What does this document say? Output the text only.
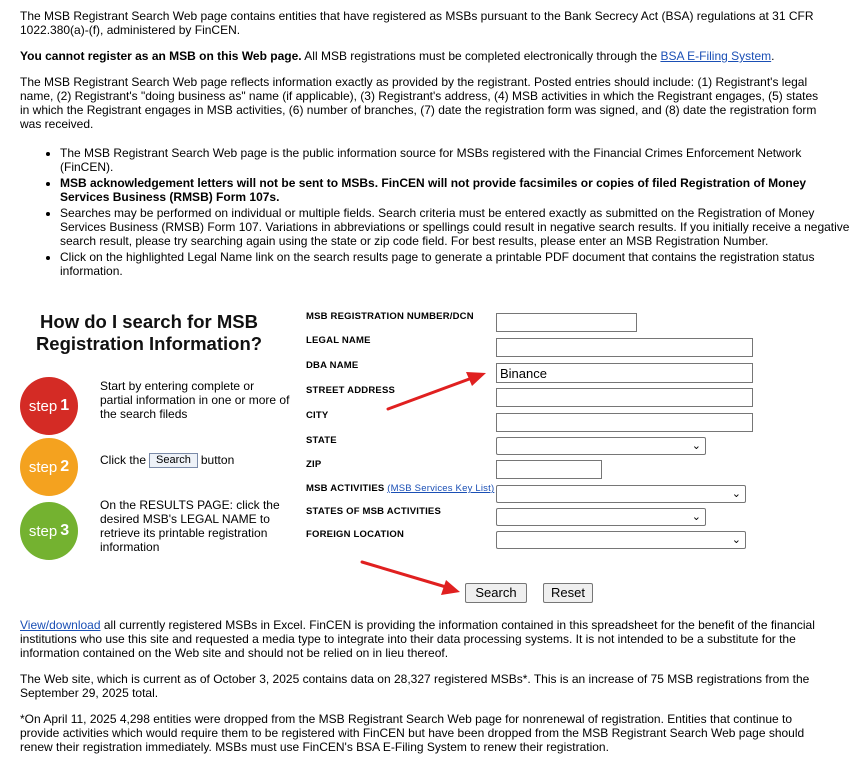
The MSB Registrant Search Web page contains entities that have registered as MSBs pursuant to the Bank Secrecy Act (BSA) regulations at 31 CFR 1022.380(a)-(f), administered by FinCEN.

You cannot register as an MSB on this Web page. All MSB registrations must be completed electronically through the BSA E-Filing System.

The MSB Registrant Search Web page reflects information exactly as provided by the registrant. Posted entries should include: (1) Registrant's legal name, (2) Registrant's "doing business as" name (if applicable), (3) Registrant's address, (4) MSB activities in which the Registrant engages, (5) states in which the Registrant engages in MSB activities, (6) number of branches, (7) date the registration form was signed, and (8) date the registration form was received.

• The MSB Registrant Search Web page is the public information source for MSBs registered with the Financial Crimes Enforcement Network (FinCEN).
• MSB acknowledgement letters will not be sent to MSBs. FinCEN will not provide facsimiles or copies of filed Registration of Money Services Business (RMSB) Form 107s.
• Searches may be performed on individual or multiple fields. Search criteria must be entered exactly as submitted on the Registration of Money Services Business (RMSB) Form 107. Variations in abbreviations or spellings could result in negative search results. If you initially receive a negative search result, please try searching again using the state or zip code field. For best results, please enter an MSB Registration Number.
• Click on the highlighted Legal Name link on the search results page to generate a printable PDF document that contains the registration status information.
How do I search for MSB Registration Information?
step 1
Start by entering complete or partial information in one or more of the search fileds
step 2	Click the Search button
step 3
On the RESULTS PAGE: click the desired MSB's LEGAL NAME to retrieve its printable registration information
MSB REGISTRATION NUMBER/DCN
LEGAL NAME
DBA NAME
STREET ADDRESS
CITY
STATE
ZIP
MSB ACTIVITIES (MSB Services Key List)
STATES OF MSB ACTIVITIES
FOREIGN LOCATION
Binance
⌄
⌄
⌄
⌄
Search	Reset

View/download all currently registered MSBs in Excel. FinCEN is providing the information contained in this spreadsheet for the benefit of the financial institutions who use this site and requested a media type to integrate into their data processing systems. It is not intended to be a substitute for the information contained on the Web site and should not be relied on in lieu thereof.

The Web site, which is current as of October 3, 2025 contains data on 28,327 registered MSBs*. This is an increase of 75 MSB registrations from the September 29, 2025 total.

*On April 11, 2025 4,298 entities were dropped from the MSB Registrant Search Web page for nonrenewal of registration. Entities that continue to provide activities which would require them to be registered with FinCEN but have been dropped from the MSB Registrant Search Web page should renew their registration immediately. MSBs must use FinCEN's BSA E-Filing System to renew their registration.
